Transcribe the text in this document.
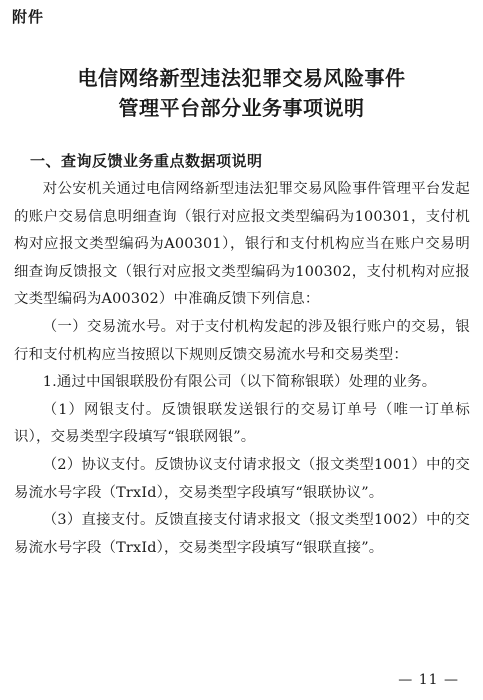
附件
电信网络新型违法犯罪交易风险事件
管理平台部分业务事项说明
一、查询反馈业务重点数据项说明

对公安机关通过电信网络新型违法犯罪交易风险事件管理平台发起的账户交易信息明细查询（银行对应报文类型编码为100301，支付机构对应报文类型编码为A00301），银行和支付机构应当在账户交易明细查询反馈报文（银行对应报文类型编码为100302，支付机构对应报文类型编码为A00302）中准确反馈下列信息：

（一）交易流水号。对于支付机构发起的涉及银行账户的交易，银行和支付机构应当按照以下规则反馈交易流水号和交易类型：

1.通过中国银联股份有限公司（以下简称银联）处理的业务。

（1）网银支付。反馈银联发送银行的交易订单号（唯一订单标识），交易类型字段填写“银联网银”。

（2）协议支付。反馈协议支付请求报文（报文类型1001）中的交易流水号字段（TrxId），交易类型字段填写“银联协议”。

（3）直接支付。反馈直接支付请求报文（报文类型1002）中的交易流水号字段（TrxId），交易类型字段填写“银联直接”。

— 11 —
